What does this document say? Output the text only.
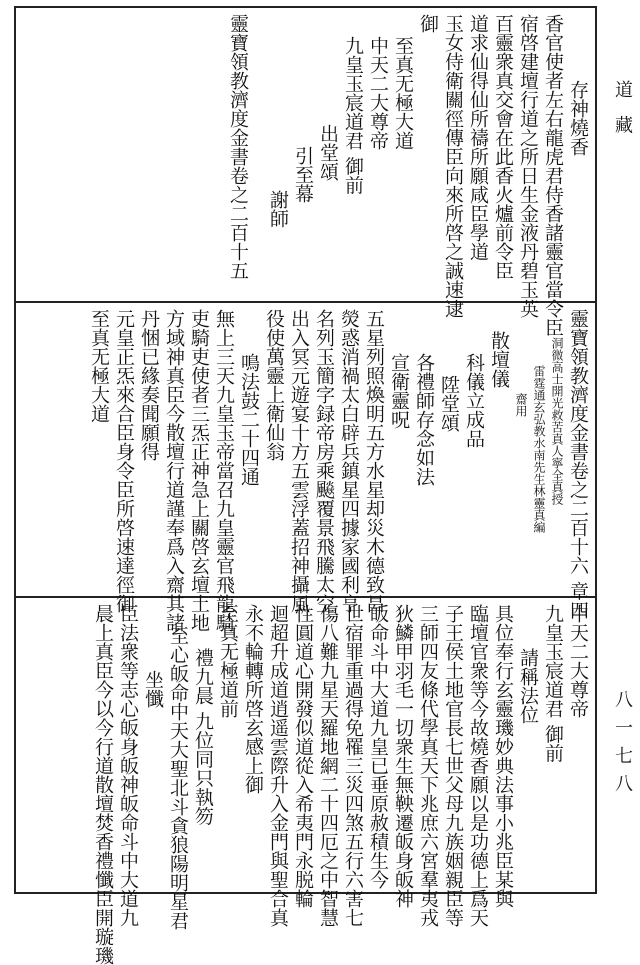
存神燒香
香官使者左右龍虎君侍香諸靈官當令臣
宿啓建壇行道之所日生金液丹碧玉英
百靈衆真交會在此香火爐前令臣
道求仙得仙所禱所願咸臣學道
玉女侍衛關徑傳臣向來所啓之誠速逮
御
至真无極大道
中天二大尊帝
九皇玉宸道君 御前
出堂頌
引至幕
謝師
靈寶領教濟度金書卷之二百十五
靈寶領教濟度金書卷之二百十六 章四
洞微高士開光救苦真人寧全真授
雷霆通玄弘教水南先生林靈真編
齋用
散壇儀
科儀立成品
陞堂頌
各禮師存念如法
宣衛靈呪
五星列照煥明五方水星却災木德致昌
熒惑消禍太白辟兵鎮星四據家國利亨
名列玉簡字録帝房乘飈覆景飛騰太空
出入冥元遊宴十方五雲浮蓋招神攝風
役使萬靈上衛仙翁
鳴法鼓二十四通
無上三天九皇玉帝當召九皇靈官飛龍騎
吏騎吏使者三炁正神急上關啓玄壇土地
方域神真臣今散壇行道謹奉爲入齋其諸
丹悃已緣奏聞願得
元皇正炁來合臣身令臣所啓速達徑御
至真无極大道
中天二大尊帝
九皇玉宸道君 御前
請稱法位
具位奉行玄靈璣妙典法事小兆臣某與
臨壇官衆等今故燒香願以是功德上爲天
子王侯土地官長七世父母九族姻親臣等
三師四友條代學真天下兆庶六宮羣夷戎
狄鱗甲羽毛一切衆生無鞅遷皈身皈神
皈命斗中大道九皇已垂原赦積生今
世宿罪重過得免罹三災四煞五行六害七
傷八難九星天羅地網二十四厄之中智慧
性圓道心開發似道從入希夷門永脱輪
迴超升成道逍遥雲際升入金門與聖合真
永不輪轉所啓玄感上御
至真无極道前
禮九晨 九位同只執笏
至心皈命中天大聖北斗貪狼陽明星君
坐懺
臣法衆等志心皈身皈神皈命斗中大道九
晨上真臣今以今行道散壇焚香禮懺臣開璇璣
道 藏
八一七八
